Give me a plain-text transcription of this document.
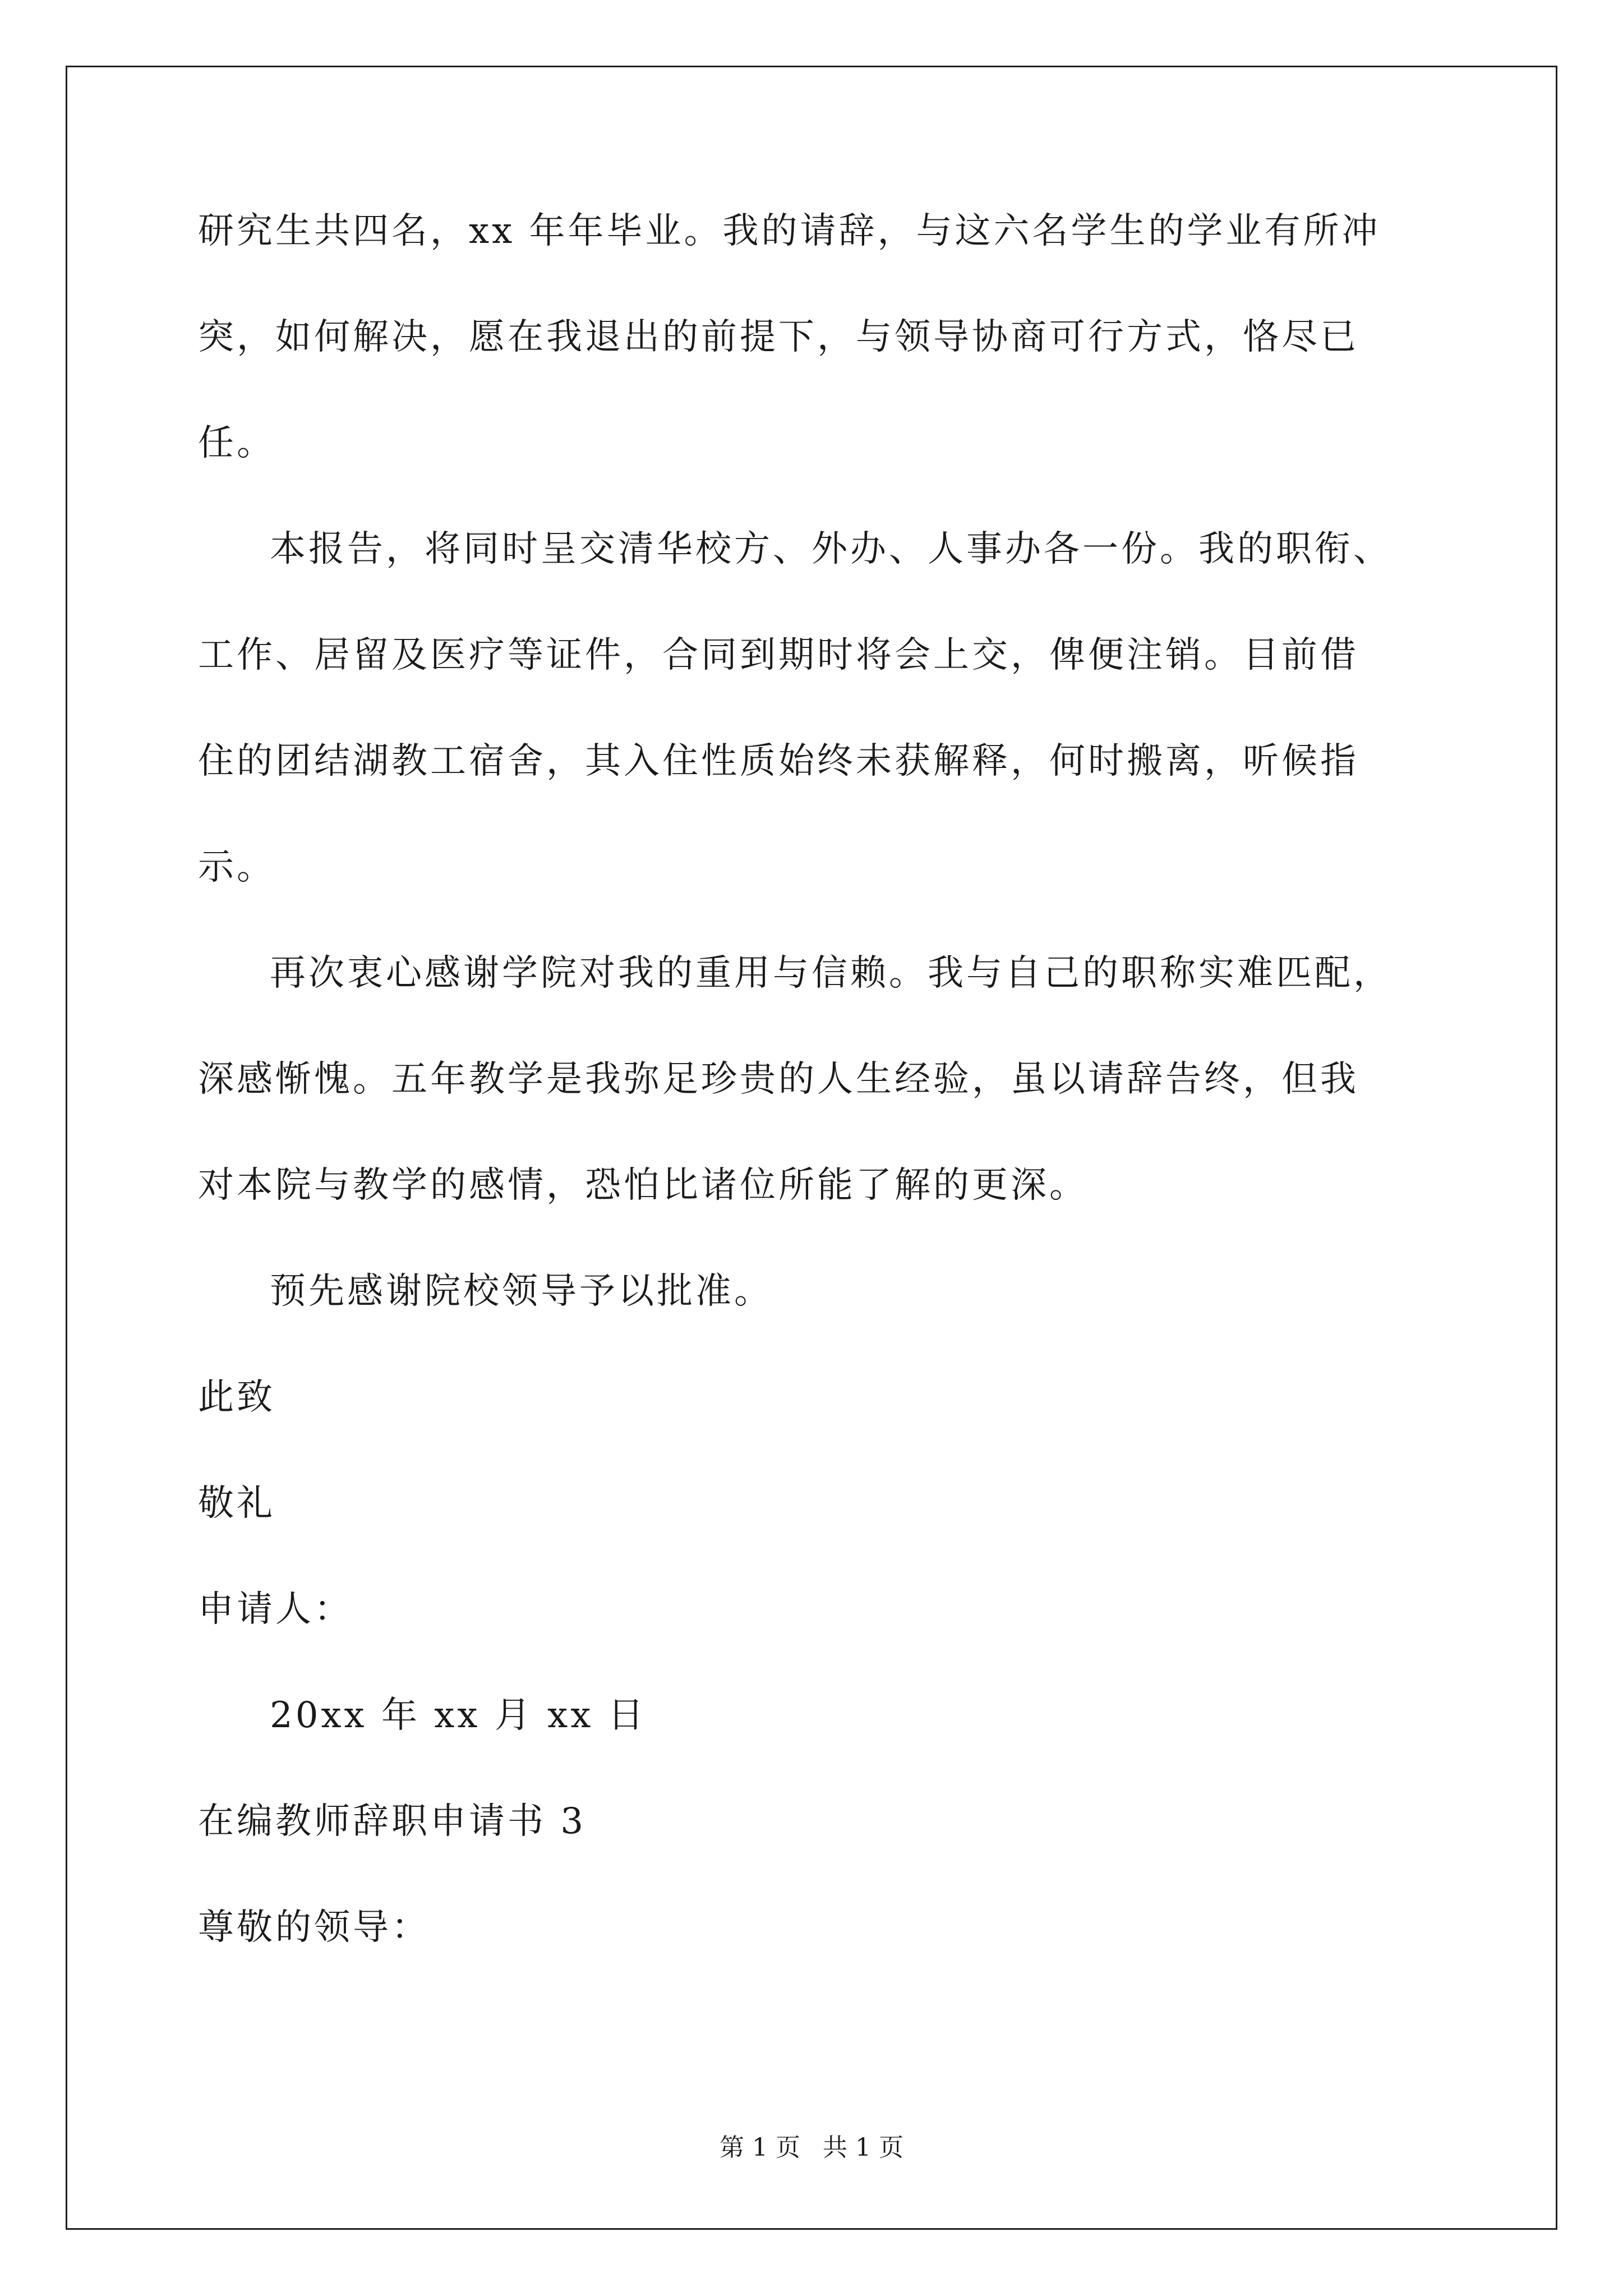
研究生共四名，xx 年年毕业。我的请辞，与这六名学生的学业有所冲
突，如何解决，愿在我退出的前提下，与领导协商可行方式，恪尽已
任。
本报告，将同时呈交清华校方、外办、人事办各一份。我的职衔、
工作、居留及医疗等证件，合同到期时将会上交，俾便注销。目前借
住的团结湖教工宿舍，其入住性质始终未获解释，何时搬离，听候指
示。
再次衷心感谢学院对我的重用与信赖。我与自己的职称实难匹配，
深感惭愧。五年教学是我弥足珍贵的人生经验，虽以请辞告终，但我
对本院与教学的感情，恐怕比诸位所能了解的更深。
预先感谢院校领导予以批准。
此致
敬礼
申请人：
20xx 年 xx 月 xx 日
在编教师辞职申请书 3
尊敬的领导：
第 1 页 共 1 页
